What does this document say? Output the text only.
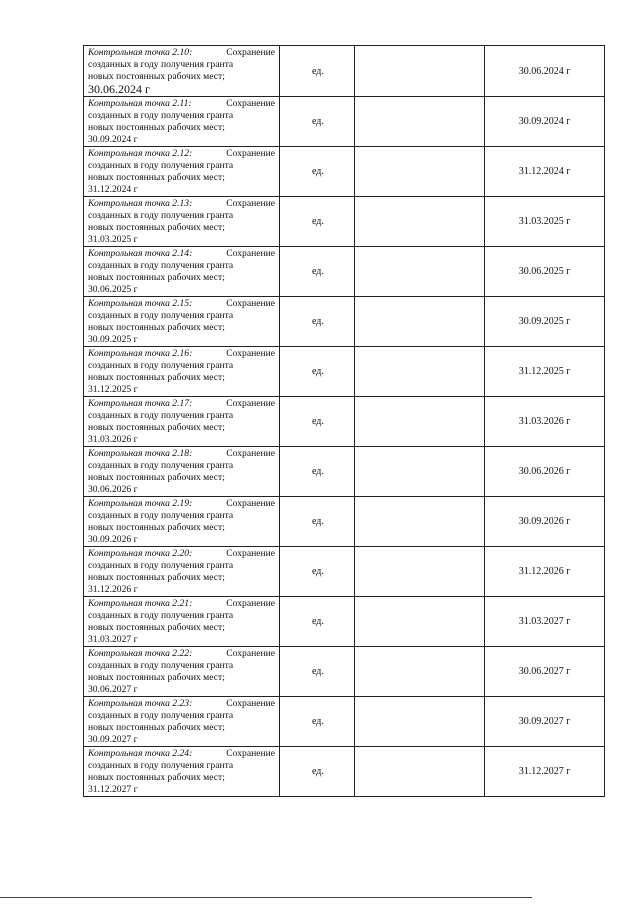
Контрольная точка 2.10: Сохранение
созданных в году получения гранта
новых постоянных рабочих мест;
30.06.2024 г	ед.		30.06.2024 г

Контрольная точка 2.11: Сохранение
созданных в году получения гранта
новых постоянных рабочих мест;
30.09.2024 г	ед.		30.09.2024 г

Контрольная точка 2.12: Сохранение
созданных в году получения гранта
новых постоянных рабочих мест;
31.12.2024 г	ед.		31.12.2024 г

Контрольная точка 2.13: Сохранение
созданных в году получения гранта
новых постоянных рабочих мест;
31.03.2025 г	ед.		31.03.2025 г

Контрольная точка 2.14: Сохранение
созданных в году получения гранта
новых постоянных рабочих мест;
30.06.2025 г	ед.		30.06.2025 г

Контрольная точка 2.15: Сохранение
созданных в году получения гранта
новых постоянных рабочих мест;
30.09.2025 г	ед.		30.09.2025 г

Контрольная точка 2.16: Сохранение
созданных в году получения гранта
новых постоянных рабочих мест;
31.12.2025 г	ед.		31.12.2025 г

Контрольная точка 2.17: Сохранение
созданных в году получения гранта
новых постоянных рабочих мест;
31.03.2026 г	ед.		31.03.2026 г

Контрольная точка 2.18: Сохранение
созданных в году получения гранта
новых постоянных рабочих мест;
30.06.2026 г	ед.		30.06.2026 г

Контрольная точка 2.19: Сохранение
созданных в году получения гранта
новых постоянных рабочих мест;
30.09.2026 г	ед.		30.09.2026 г

Контрольная точка 2.20: Сохранение
созданных в году получения гранта
новых постоянных рабочих мест;
31.12.2026 г	ед.		31.12.2026 г

Контрольная точка 2.21: Сохранение
созданных в году получения гранта
новых постоянных рабочих мест;
31.03.2027 г	ед.		31.03.2027 г

Контрольная точка 2.22: Сохранение
созданных в году получения гранта
новых постоянных рабочих мест;
30.06.2027 г	ед.		30.06.2027 г

Контрольная точка 2.23: Сохранение
созданных в году получения гранта
новых постоянных рабочих мест;
30.09.2027 г	ед.		30.09.2027 г

Контрольная точка 2.24: Сохранение
созданных в году получения гранта
новых постоянных рабочих мест;
31.12.2027 г	ед.		31.12.2027 г
